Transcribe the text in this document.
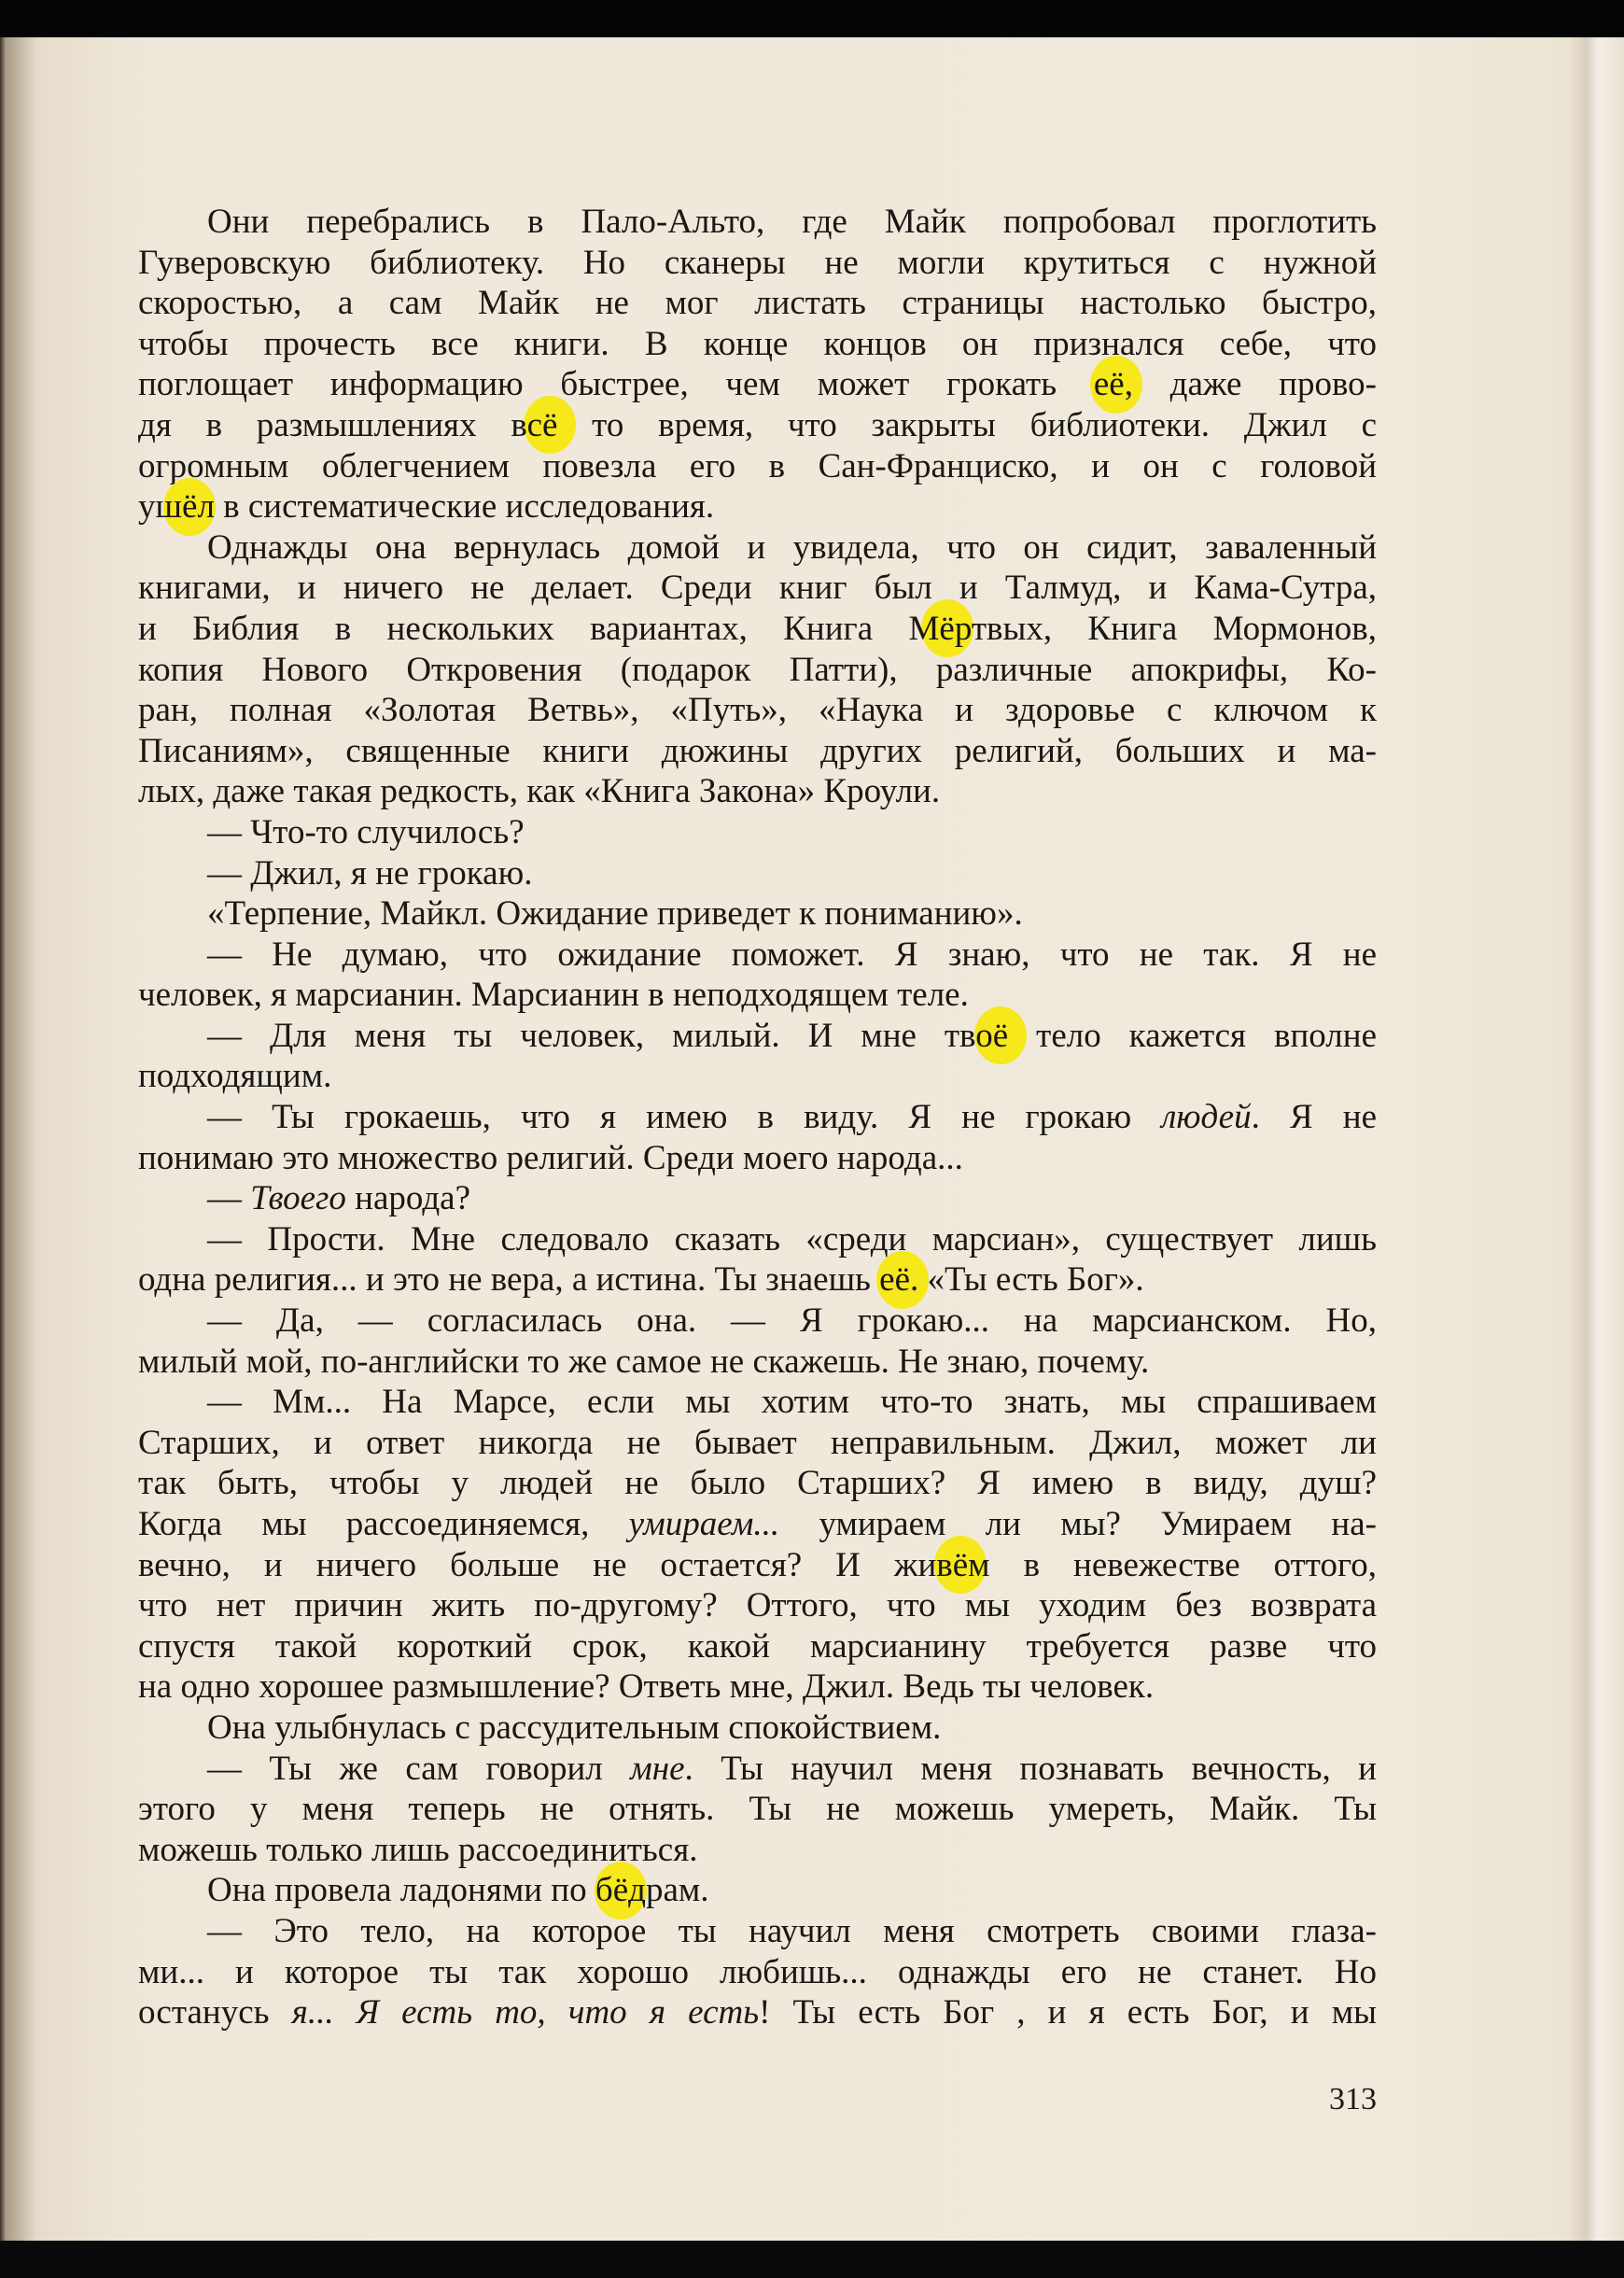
Они перебрались в Пало-Альто, где Майк попробовал проглотить
Гуверовскую библиотеку. Но сканеры не могли крутиться с нужной
скоростью, а сам Майк не мог листать страницы настолько быстро,
чтобы прочесть все книги. В конце концов он признался себе, что
поглощает информацию быстрее, чем может грокать её, даже прово-
дя в размышлениях всё то время, что закрыты библиотеки. Джил с
огромным облегчением повезла его в Сан-Франциско, и он с головой
ушёл в систематические исследования.
Однажды она вернулась домой и увидела, что он сидит, заваленный
книгами, и ничего не делает. Среди книг был и Талмуд, и Кама-Сутра,
и Библия в нескольких вариантах, Книга Мёртвых, Книга Мормонов,
копия Нового Откровения (подарок Патти), различные апокрифы, Ко-
ран, полная «Золотая Ветвь», «Путь», «Наука и здоровье с ключом к
Писаниям», священные книги дюжины других религий, больших и ма-
лых, даже такая редкость, как «Книга Закона» Кроули.
— Что-то случилось?
— Джил, я не грокаю.
«Терпение, Майкл. Ожидание приведет к пониманию».
— Не думаю, что ожидание поможет. Я знаю, что не так. Я не
человек, я марсианин. Марсианин в неподходящем теле.
— Для меня ты человек, милый. И мне твоё тело кажется вполне
подходящим.
— Ты грокаешь, что я имею в виду. Я не грокаю людей. Я не
понимаю это множество религий. Среди моего народа...
— Твоего народа?
— Прости. Мне следовало сказать «среди марсиан», существует лишь
одна религия... и это не вера, а истина. Ты знаешь её. «Ты есть Бог».
— Да, — согласилась она. — Я грокаю... на марсианском. Но,
милый мой, по-английски то же самое не скажешь. Не знаю, почему.
— Мм... На Марсе, если мы хотим что-то знать, мы спрашиваем
Старших, и ответ никогда не бывает неправильным. Джил, может ли
так быть, чтобы у людей не было Старших? Я имею в виду, душ?
Когда мы рассоединяемся, умираем... умираем ли мы? Умираем на-
вечно, и ничего больше не остается? И живём в невежестве оттого,
что нет причин жить по-другому? Оттого, что мы уходим без возврата
спустя такой короткий срок, какой марсианину требуется разве что
на одно хорошее размышление? Ответь мне, Джил. Ведь ты человек.
Она улыбнулась с рассудительным спокойствием.
— Ты же сам говорил мне. Ты научил меня познавать вечность, и
этого у меня теперь не отнять. Ты не можешь умереть, Майк. Ты
можешь только лишь рассоединиться.
Она провела ладонями по бёдрам.
— Это тело, на которое ты научил меня смотреть своими глаза-
ми... и которое ты так хорошо любишь... однажды его не станет. Но
останусь я... Я есть то, что я есть! Ты есть Бог , и я есть Бог, и мы
313
